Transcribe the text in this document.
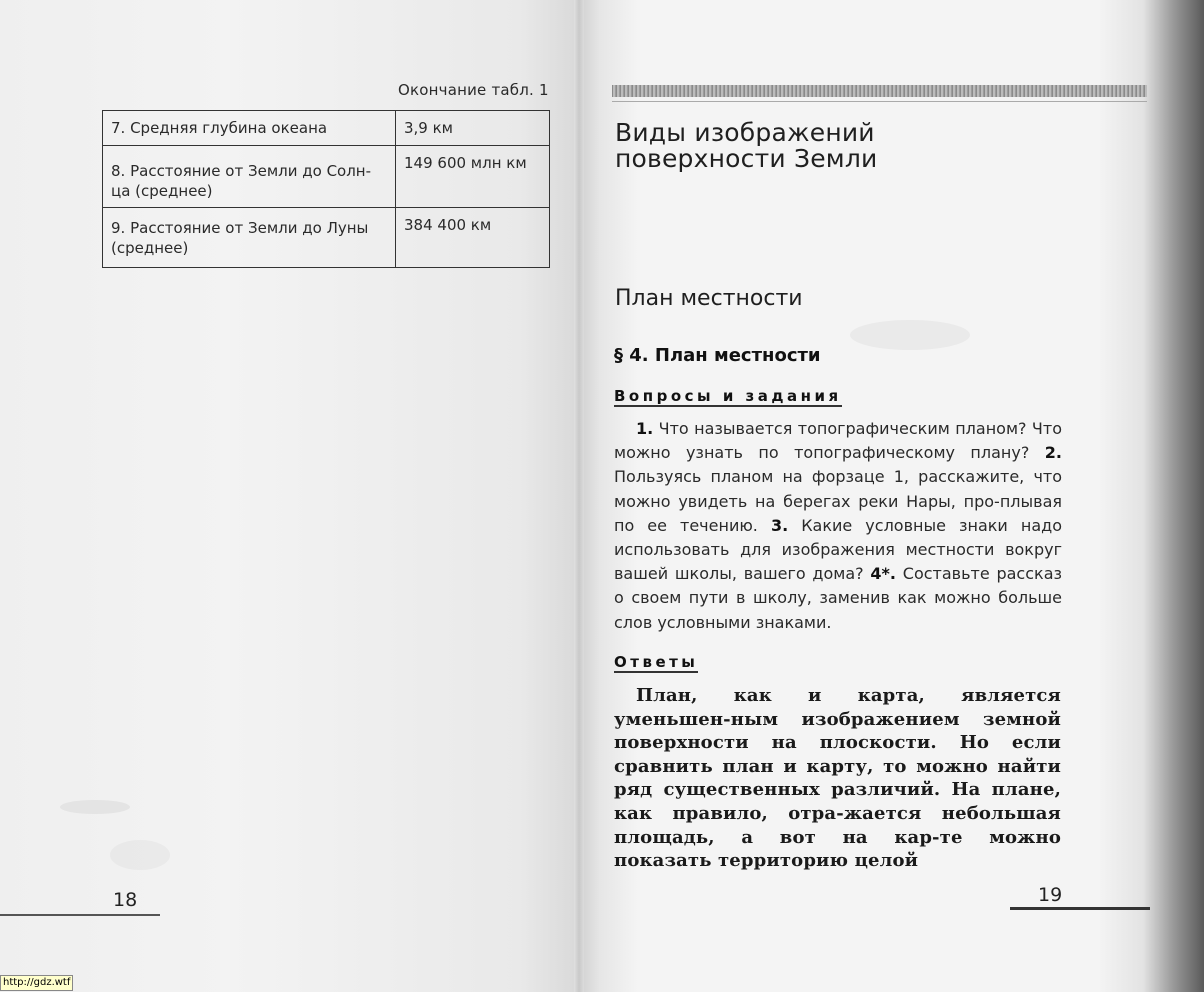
Окончание табл. 1
7. Средняя глубина океана	3,9 км
8. Расстояние от Земли до Солн-ца (среднее)	149 600 млн км
9. Расстояние от Земли до Луны (среднее)	384 400 км
18
Виды изображений
поверхности Земли
План местности
§ 4. План местности
Вопросы и задания
1. Что называется топографическим планом? Что можно узнать по топографическому плану? 2. Пользуясь планом на форзаце 1, расскажите, что можно увидеть на берегах реки Нары, про-плывая по ее течению. 3. Какие условные знаки надо использовать для изображения местности вокруг вашей школы, вашего дома? 4*. Составьте рассказ о своем пути в школу, заменив как можно больше слов условными знаками.
Ответы
План, как и карта, является уменьшен-ным изображением земной поверхности на плоскости. Но если сравнить план и карту, то можно найти ряд существенных различий. На плане, как правило, отра-жается небольшая площадь, а вот на кар-те можно показать территорию целой
19
http://gdz.wtf
